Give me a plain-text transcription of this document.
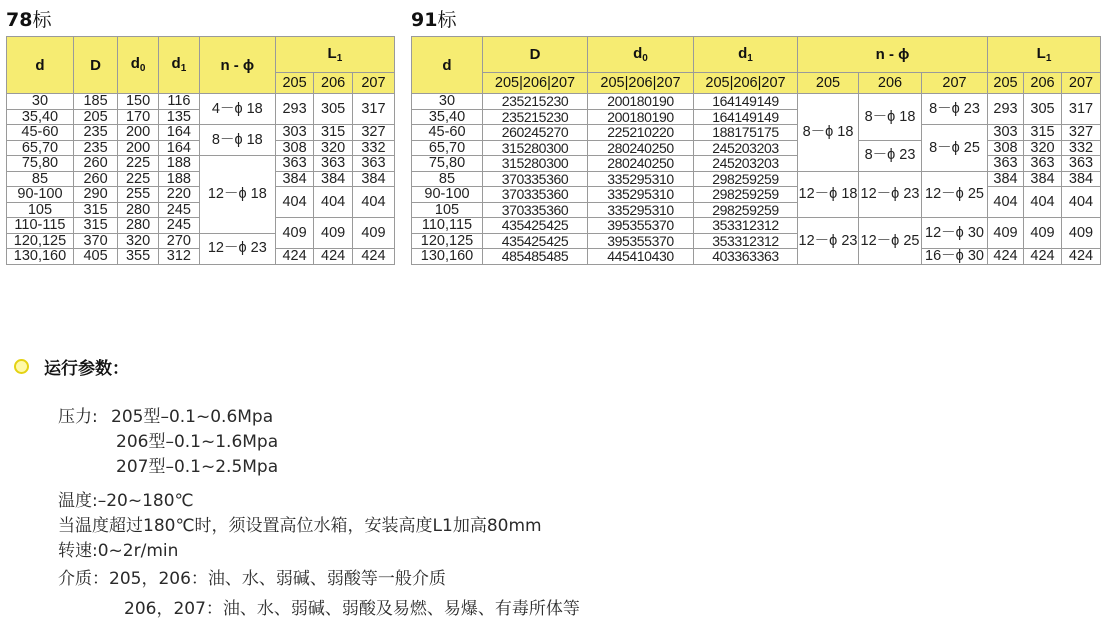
78标
d	D	$d_0$	$d_1$	n - ϕ	$L_1$
					205	206	207
30	185	150	116	4－ϕ 18	293	305	317
35,40	205	170	135				
45-60	235	200	164	8－ϕ 18	303	315	327
65,70	235	200	164		308	320	332
75,80	260	225	188	12－ϕ 18	363	363	363
85	260	225	188		384	384	384
90-100	290	255	220		404	404	404
105	315	280	245				
110-115	315	280	245		409	409	409
120,125	370	320	270	12－ϕ 23			
130,160	405	355	312		424	424	424
91标
d	D	$d_0$	$d_1$	n - ϕ			$L_1$
	205|206|207	205|206|207	205|206|207	205	206	207	205	206	207
30	235215230	200180190	164149149	8－ϕ 18	8－ϕ 18	8－ϕ 23	293	305	317
35,40	235215230	200180190	164149149						
45-60	260245270	225210220	188175175			8－ϕ 25	303	315	327
65,70	315280300	280240250	245203203		8－ϕ 23		308	320	332
75,80	315280300	280240250	245203203				363	363	363
85	370335360	335295310	298259259	12－ϕ 18	12－ϕ 23	12－ϕ 25	384	384	384
90-100	370335360	335295310	298259259				404	404	404
105	370335360	335295310	298259259						
110,115	435425425	395355370	353312312	12－ϕ 23	12－ϕ 25	12－ϕ 30	409	409	409
120,125	435425425	395355370	353312312						
130,160	485485485	445410430	403363363			16－ϕ 30	424	424	424
运行参数：
压力: 205型–0.1~0.6Mpa
206型–0.1~1.6Mpa
207型–0.1~2.5Mpa
温度:–20~180℃
当温度超过180℃时，须设置高位水箱，安装高度L1加高80mm
转速:0~2r/min
介质：205，206：油、水、弱碱、弱酸等一般介质
206，207：油、水、弱碱、弱酸及易燃、易爆、有毒所体等
